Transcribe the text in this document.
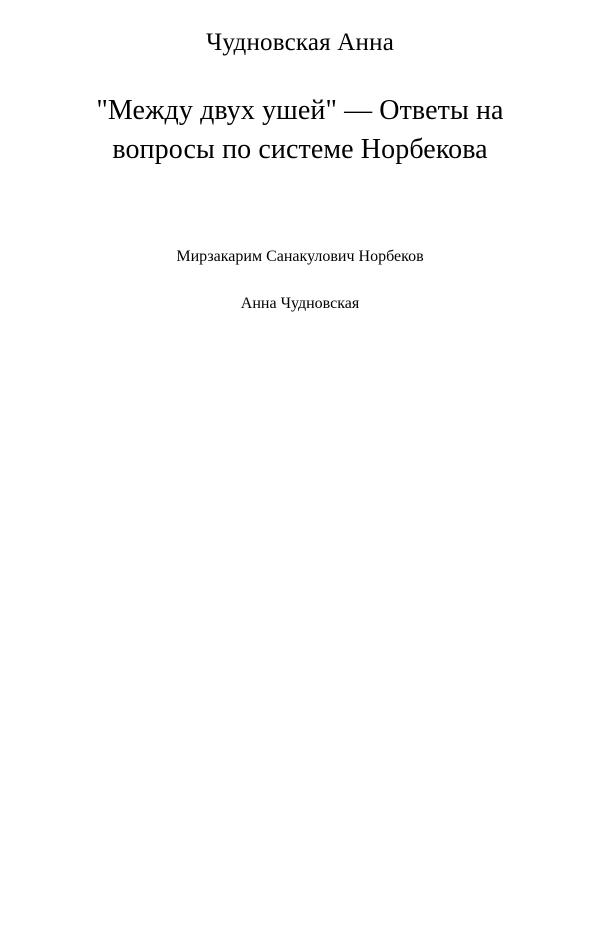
Чудновская Анна
"Между двух ушей" — Ответы на
вопросы по системе Норбекова
Мирзакарим Санакулович Норбеков
Анна Чудновская
